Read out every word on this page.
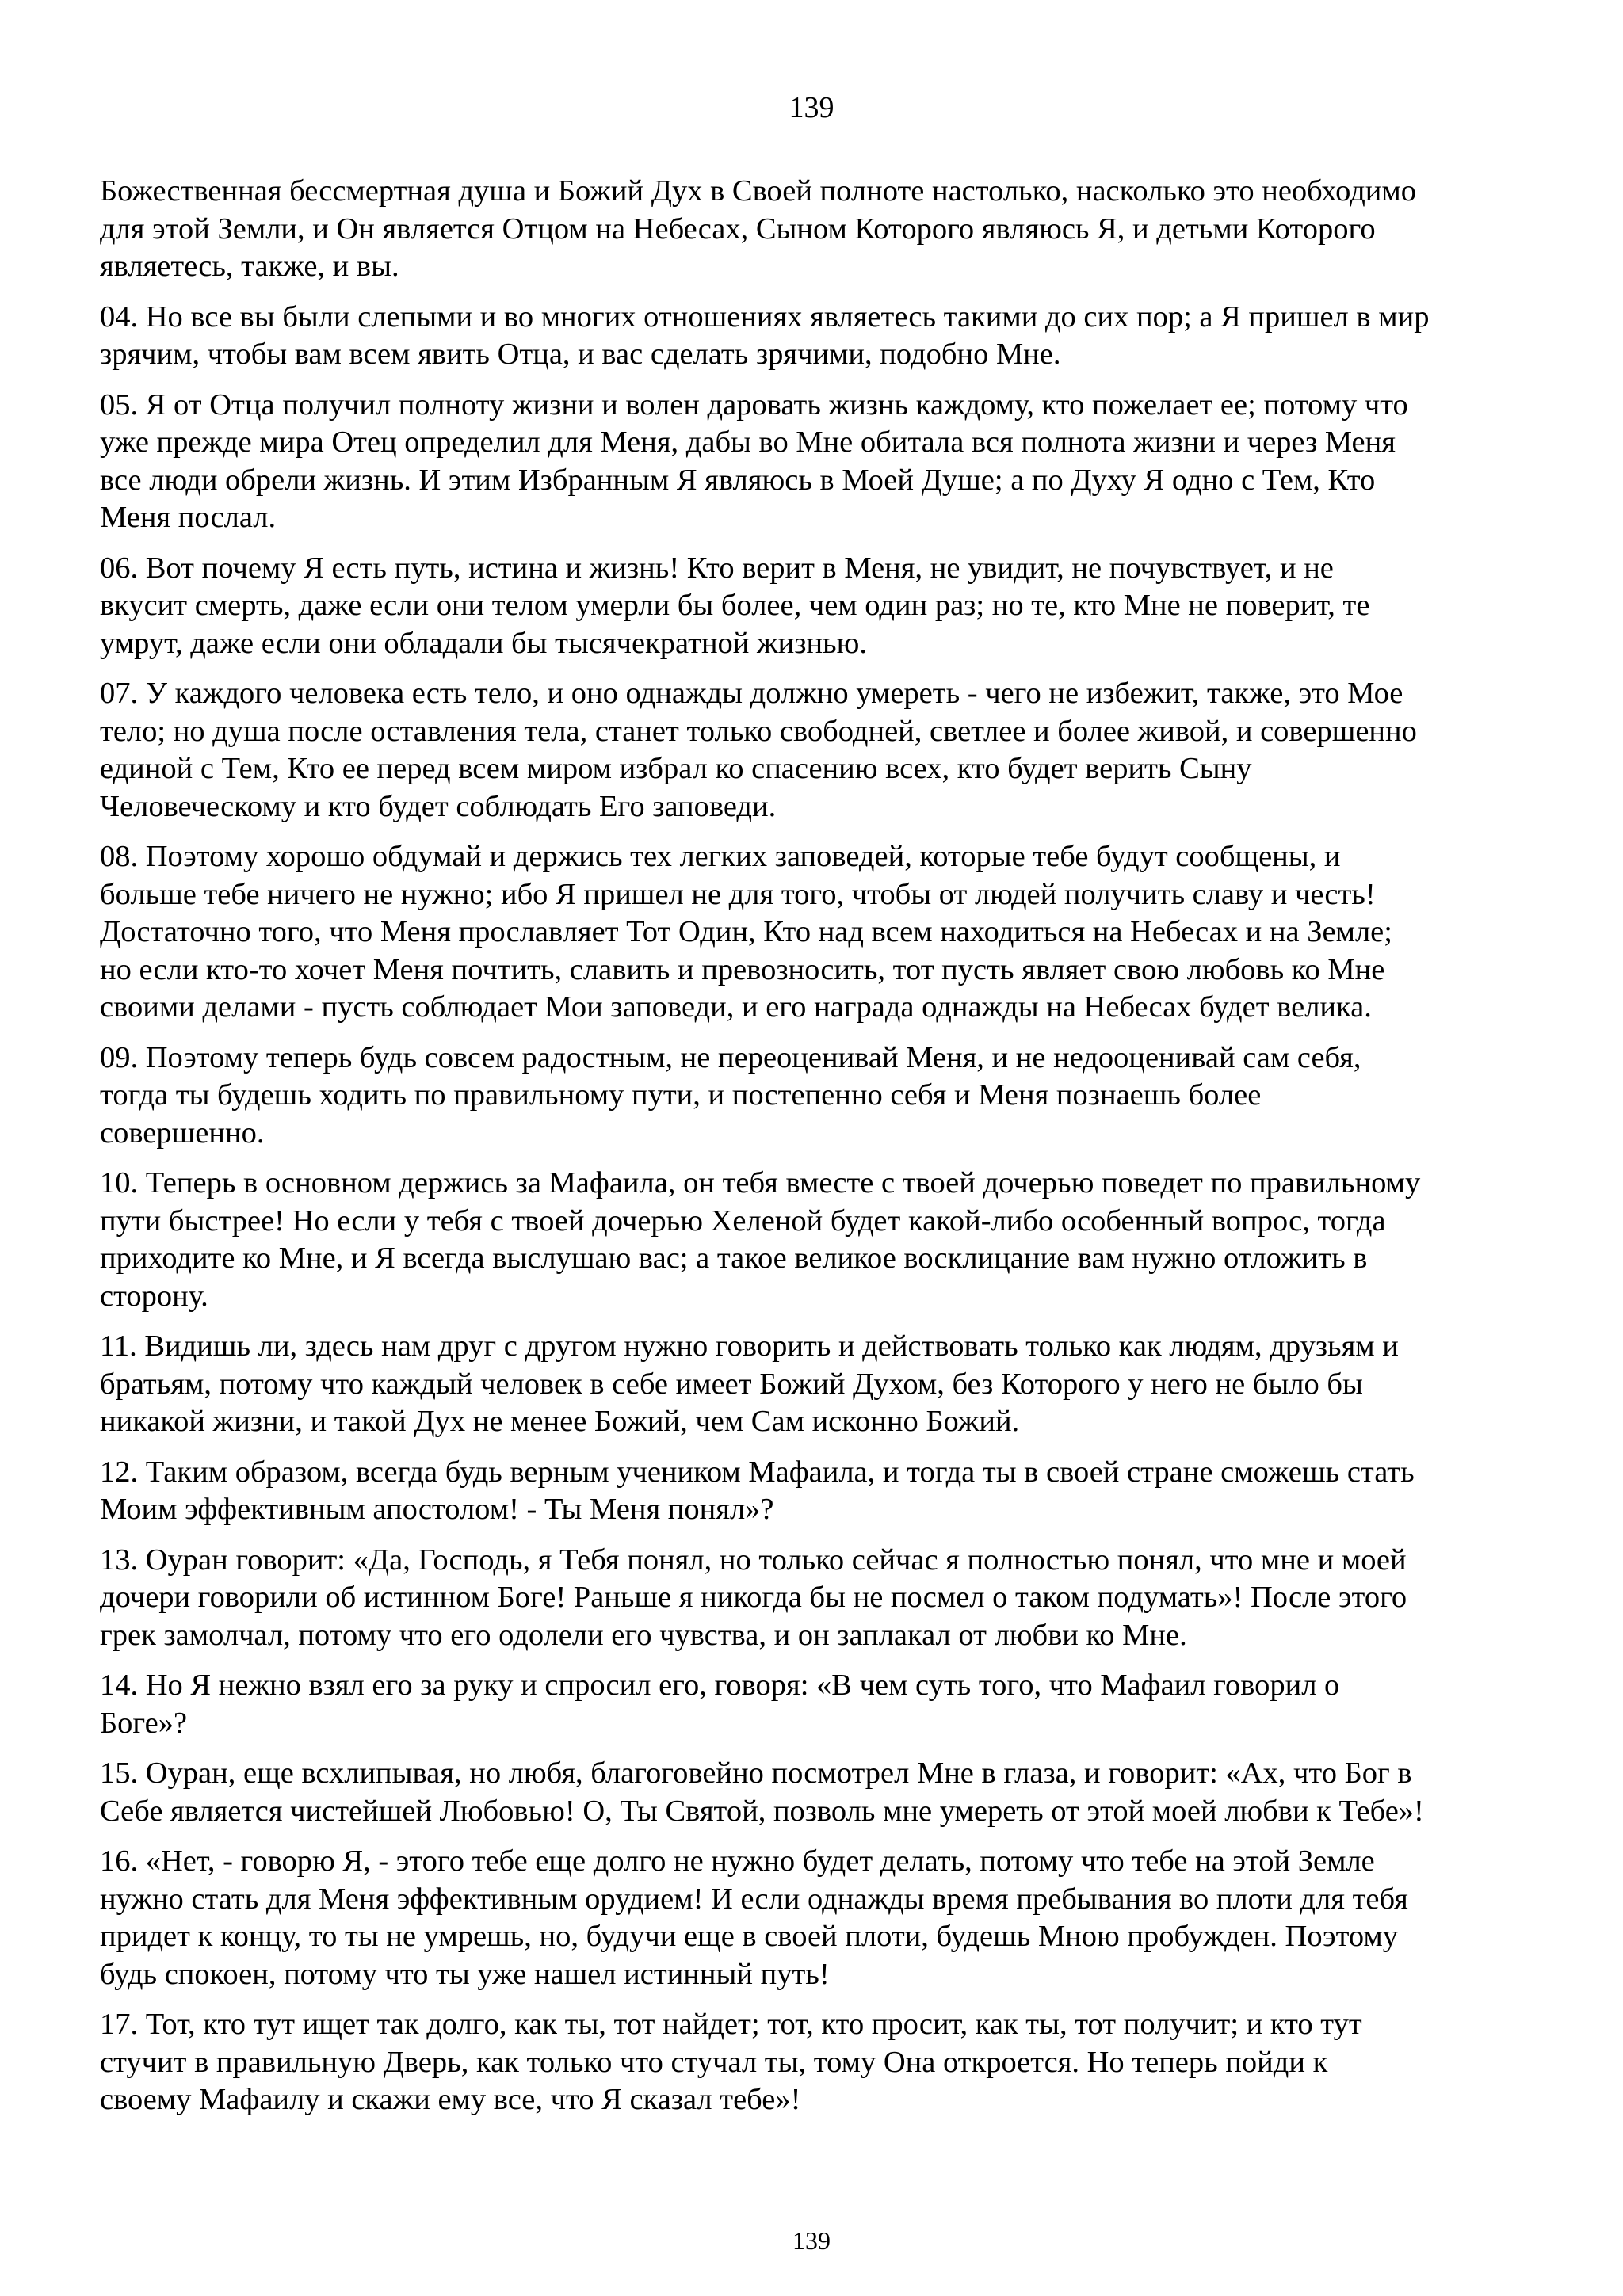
139

Божественная бессмертная душа и Божий Дух в Своей полноте настолько, насколько это необходимо
для этой Земли, и Он является Отцом на Небесах, Сыном Которого являюсь Я, и детьми Которого
являетесь, также, и вы.

04. Но все вы были слепыми и во многих отношениях являетесь такими до сих пор; а Я пришел в мир
зрячим, чтобы вам всем явить Отца, и вас сделать зрячими, подобно Мне.

05. Я от Отца получил полноту жизни и волен даровать жизнь каждому, кто пожелает ее; потому что
уже прежде мира Отец определил для Меня, дабы во Мне обитала вся полнота жизни и через Меня
все люди обрели жизнь. И этим Избранным Я являюсь в Моей Душе; а по Духу Я одно с Тем, Кто
Меня послал.

06. Вот почему Я есть путь, истина и жизнь! Кто верит в Меня, не увидит, не почувствует, и не
вкусит смерть, даже если они телом умерли бы более, чем один раз; но те, кто Мне не поверит, те
умрут, даже если они обладали бы тысячекратной жизнью.

07. У каждого человека есть тело, и оно однажды должно умереть - чего не избежит, также, это Мое
тело; но душа после оставления тела, станет только свободней, светлее и более живой, и совершенно
единой с Тем, Кто ее перед всем миром избрал ко спасению всех, кто будет верить Сыну
Человеческому и кто будет соблюдать Его заповеди.

08. Поэтому хорошо обдумай и держись тех легких заповедей, которые тебе будут сообщены, и
больше тебе ничего не нужно; ибо Я пришел не для того, чтобы от людей получить славу и честь!
Достаточно того, что Меня прославляет Тот Один, Кто над всем находиться на Небесах и на Земле;
но если кто-то хочет Меня почтить, славить и превозносить, тот пусть являет свою любовь ко Мне
своими делами - пусть соблюдает Мои заповеди, и его награда однажды на Небесах будет велика.

09. Поэтому теперь будь совсем радостным, не переоценивай Меня, и не недооценивай сам себя,
тогда ты будешь ходить по правильному пути, и постепенно себя и Меня познаешь более
совершенно.

10. Теперь в основном держись за Мафаила, он тебя вместе с твоей дочерью поведет по правильному
пути быстрее! Но если у тебя с твоей дочерью Хеленой будет какой-либо особенный вопрос, тогда
приходите ко Мне, и Я всегда выслушаю вас; а такое великое восклицание вам нужно отложить в
сторону.

11. Видишь ли, здесь нам друг с другом нужно говорить и действовать только как людям, друзьям и
братьям, потому что каждый человек в себе имеет Божий Духом, без Которого у него не было бы
никакой жизни, и такой Дух не менее Божий, чем Сам исконно Божий.

12. Таким образом, всегда будь верным учеником Мафаила, и тогда ты в своей стране сможешь стать
Моим эффективным апостолом! - Ты Меня понял»?

13. Оуран говорит: «Да, Господь, я Тебя понял, но только сейчас я полностью понял, что мне и моей
дочери говорили об истинном Боге! Раньше я никогда бы не посмел о таком подумать»! После этого
грек замолчал, потому что его одолели его чувства, и он заплакал от любви ко Мне.

14. Но Я нежно взял его за руку и спросил его, говоря: «В чем суть того, что Мафаил говорил о
Боге»?

15. Оуран, еще всхлипывая, но любя, благоговейно посмотрел Мне в глаза, и говорит: «Ах, что Бог в
Себе является чистейшей Любовью! О, Ты Святой, позволь мне умереть от этой моей любви к Тебе»!

16. «Нет, - говорю Я, - этого тебе еще долго не нужно будет делать, потому что тебе на этой Земле
нужно стать для Меня эффективным орудием! И если однажды время пребывания во плоти для тебя
придет к концу, то ты не умрешь, но, будучи еще в своей плоти, будешь Мною пробужден. Поэтому
будь спокоен, потому что ты уже нашел истинный путь!

17. Тот, кто тут ищет так долго, как ты, тот найдет; тот, кто просит, как ты, тот получит; и кто тут
стучит в правильную Дверь, как только что стучал ты, тому Она откроется. Но теперь пойди к
своему Мафаилу и скажи ему все, что Я сказал тебе»!

139
